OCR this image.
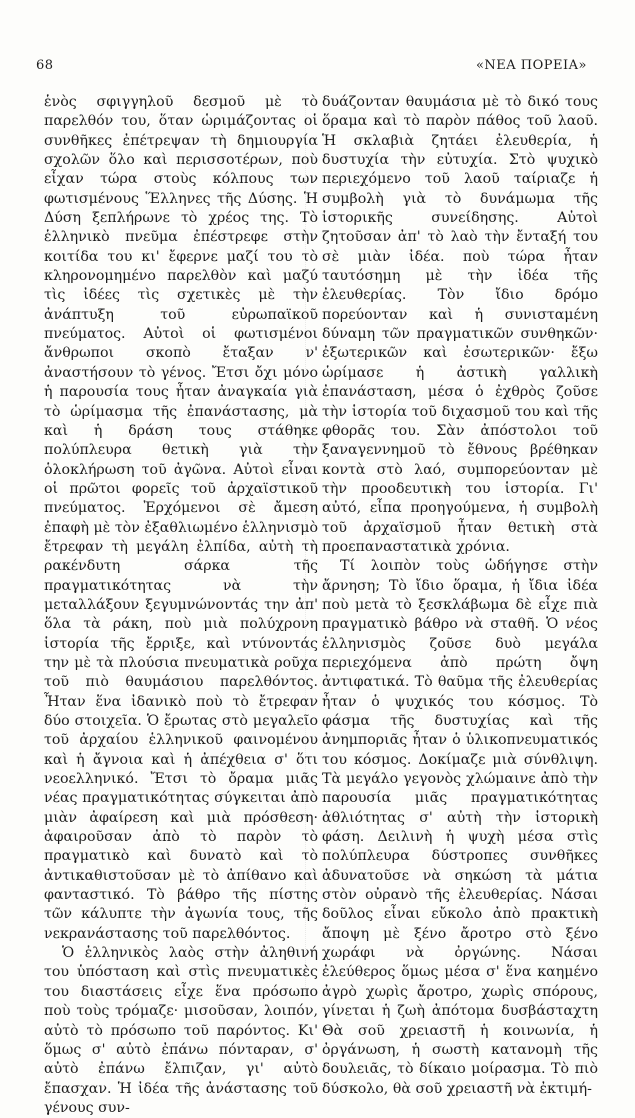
68	«ΝΕΑ ΠΟΡΕΙΑ»

ἑνὸς σφιγγηλοῦ δεσμοῦ μὲ τὸ παρελθόν του, ὅταν ὡριμάζοντας οἱ συνθῆκες ἐπέτρεψαν τὴ δημιουργία σχολῶν ὅλο καὶ περισσοτέρων, ποὺ εἶχαν τώρα στοὺς κόλπους των φωτισμένους Ἕλληνες τῆς Δύσης. Ἡ Δύση ξεπλήρωνε τὸ χρέος της. Τὸ ἑλληνικὸ πνεῦμα ἐπέστρεφε στὴν κοιτίδα του κι' ἔφερνε μαζί του τὸ κληρονομημένο παρελθὸν καὶ μαζύ τὶς ἰδέες τὶς σχετικὲς μὲ τὴν ἀνάπτυξη τοῦ εὐρωπαϊκοῦ πνεύματος. Αὐτοὶ οἱ φωτισμένοι ἄνθρωποι σκοπὸ ἔταξαν ν' ἀναστήσουν τὸ γένος. Ἔτσι ὄχι μόνο ἡ παρουσία τους ἦταν ἀναγκαία γιὰ τὸ ὡρίμασμα τῆς ἐπανάστασης, μὰ καὶ ἡ δράση τους στάθηκε πολύπλευρα θετικὴ γιὰ τὴν ὁλοκλήρωση τοῦ ἀγῶνα. Αὐτοὶ εἶναι οἱ πρῶτοι φορεῖς τοῦ ἀρχαϊστικοῦ πνεύματος. Ἐρχόμενοι σὲ ἄμεση ἐπαφὴ μὲ τὸν ἐξαθλιωμένο ἑλληνισμὸ ἔτρεφαν τὴ μεγάλη ἐλπίδα, αὐτὴ τὴ ρακένδυτη σάρκα τῆς πραγματικότητας νὰ τὴν μεταλλάξουν ξεγυμνώνοντάς την ἀπ' ὅλα τὰ ράκη, ποὺ μιὰ πολύχρονη ἱστορία τῆς ἔρριξε, καὶ ντύνοντάς την μὲ τὰ πλούσια πνευματικὰ ροῦχα τοῦ πιὸ θαυμάσιου παρελθόντος. Ἦταν ἕνα ἰδανικὸ ποὺ τὸ ἔτρεφαν δύο στοιχεῖα. Ὁ ἔρωτας στὸ μεγαλεῖο τοῦ ἀρχαίου ἑλληνικοῦ φαινομένου καὶ ἡ ἄγνοια καὶ ἡ ἀπέχθεια σ' ὅτι νεοελληνικό. Ἔτσι τὸ ὄραμα μιᾶς νέας πραγματικότητας σύγκειται ἀπὸ μιὰν ἀφαίρεση καὶ μιὰ πρόσθεση· ἀφαιροῦσαν ἀπὸ τὸ παρὸν τὸ πραγματικὸ καὶ δυνατὸ καὶ τὸ ἀντικαθιστοῦσαν μὲ τὸ ἀπίθανο καὶ φανταστικό. Τὸ βάθρο τῆς πίστης τῶν κάλυπτε τὴν ἀγωνία τους, τῆς νεκρανάστασης τοῦ παρελθόντος.

Ὁ ἑλληνικὸς λαὸς στὴν ἀληθινή του ὑπόσταση καὶ στὶς πνευματικὲς του διαστάσεις εἶχε ἕνα πρόσωπο ποὺ τοὺς τρόμαζε· μισοῦσαν, λοιπόν, αὐτὸ τὸ πρόσωπο τοῦ παρόντος. Κι' ὅμως σ' αὐτὸ ἐπάνω πόνταραν, σ' αὐτὸ ἐπάνω ἔλπιζαν, γι' αὐτὸ ἔπασχαν. Ἡ ἰδέα τῆς ἀνάστασης τοῦ γένους συν-

δυάζονταν θαυμάσια μὲ τὸ δικό τους ὅραμα καὶ τὸ παρὸν πάθος τοῦ λαοῦ. Ἡ σκλαβιὰ ζητάει ἐλευθερία, ἡ δυστυχία τὴν εὐτυχία. Στὸ ψυχικὸ περιεχόμενο τοῦ λαοῦ ταίριαζε ἡ συμβολὴ γιὰ τὸ δυνάμωμα τῆς ἱστορικῆς συνείδησης. Αὐτοὶ ζητοῦσαν ἀπ' τὸ λαὸ τὴν ἔνταξή του σὲ μιὰν ἰδέα. ποὺ τώρα ἦταν ταυτόσημη μὲ τὴν ἰδέα τῆς ἐλευθερίας. Τὸν ἴδιο δρόμο πορεύονταν καὶ ἡ συνισταμένη δύναμη τῶν πραγματικῶν συνθηκῶν· ἐξωτερικῶν καὶ ἐσωτερικῶν· ἔξω ὡρίμασε ἡ ἀστικὴ γαλλικὴ ἐπανάσταση, μέσα ὁ ἐχθρὸς ζοῦσε τὴν ἱστορία τοῦ διχασμοῦ του καὶ τῆς φθορᾶς του. Σὰν ἀπόστολοι τοῦ ξαναγεννημοῦ τὸ ἔθνους βρέθηκαν κοντὰ στὸ λαό, συμπορεύονταν μὲ τὴν προοδευτικὴ του ἱστορία. Γι' αὐτό, εἶπα προηγούμενα, ἡ συμβολὴ τοῦ ἀρχαϊσμοῦ ἦταν θετικὴ στὰ προεπαναστατικὰ χρόνια.

Τί λοιπὸν τοὺς ὡδήγησε στὴν ἄρνηση; Τὸ ἴδιο ὅραμα, ἡ ἴδια ἰδέα ποὺ μετὰ τὸ ξεσκλάβωμα δὲ εἶχε πιὰ πραγματικὸ βάθρο νὰ σταθῆ. Ὁ νέος ἑλληνισμὸς ζοῦσε δυὸ μεγάλα περιεχόμενα ἀπὸ πρώτη ὄψη ἀντιφατικά. Τὸ θαῦμα τῆς ἐλευθερίας ἦταν ὁ ψυχικός του κόσμος. Τὸ φάσμα τῆς δυστυχίας καὶ τῆς ἀνημποριᾶς ἦταν ὁ ὑλικοπνευματικός του κόσμος. Δοκίμαζε μιὰ σύνθλιψη. Τὰ μεγάλο γεγονὸς χλώμαινε ἀπὸ τὴν παρουσία μιᾶς πραγματικότητας ἀθλιότητας σ' αὐτὴ τὴν ἱστορικὴ φάση. Δειλινὴ ἡ ψυχὴ μέσα στὶς πολύπλευρα δύστροπες συνθῆκες ἀδυνατοῦσε νὰ σηκώση τὰ μάτια στὸν οὐρανὸ τῆς ἐλευθερίας. Νάσαι δοῦλος εἶναι εὔκολο ἀπὸ πρακτικὴ ἄποψη μὲ ξένο ἄροτρο στὸ ξένο χωράφι νὰ ὀργώνης. Νάσαι ἐλεύθερος ὅμως μέσα σ' ἕνα καημένο ἀγρὸ χωρὶς ἄροτρο, χωρὶς σπόρους, γίνεται ἡ ζωὴ ἀπότομα δυσβάσταχτη Θὰ σοῦ χρειαστῆ ἡ κοινωνία, ἡ ὀργάνωση, ἡ σωστὴ κατανομὴ τῆς δουλειᾶς, τὸ δίκαιο μοίρασμα. Τὸ πιὸ δύσκολο, θὰ σοῦ χρειαστῆ νὰ ἐκτιμή-
